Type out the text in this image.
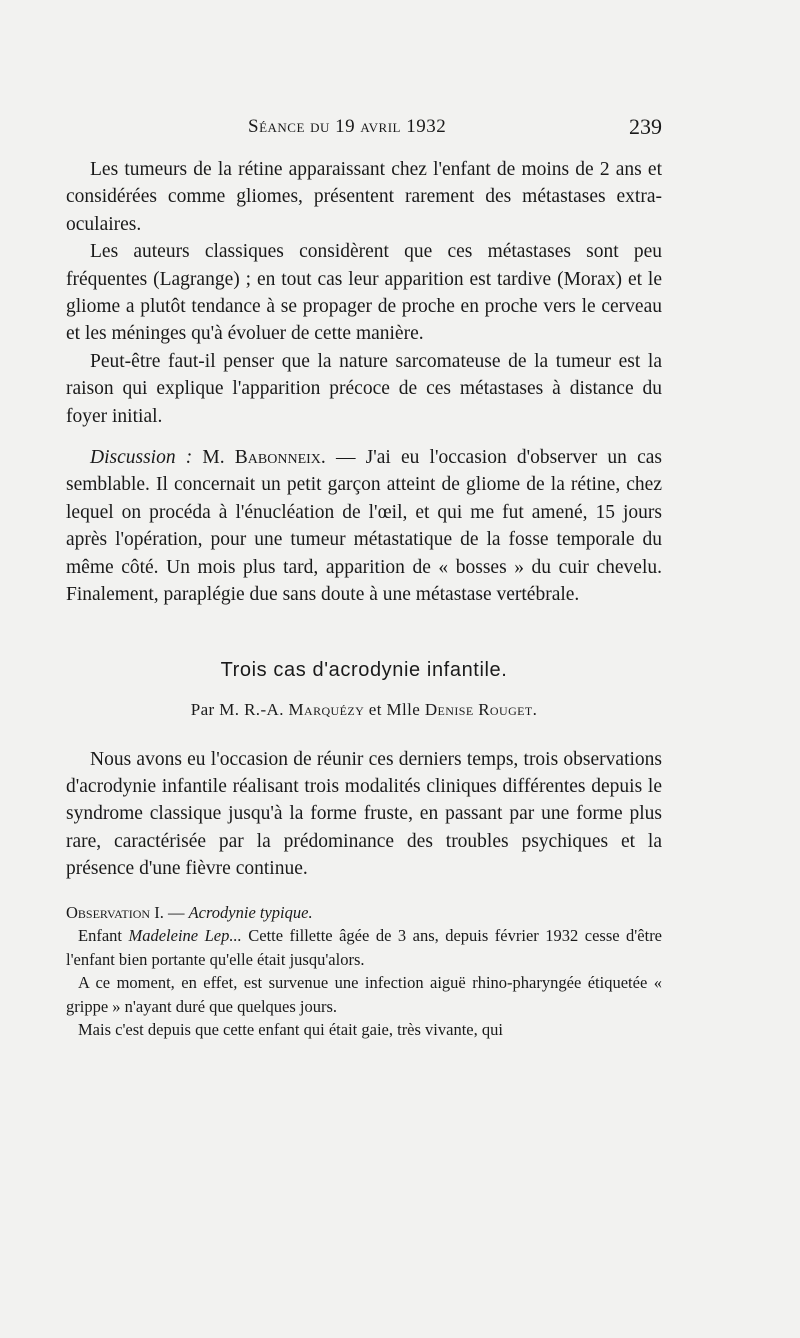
Séance du 19 avril 1932	239

Les tumeurs de la rétine apparaissant chez l'enfant de moins de 2 ans et considérées comme gliomes, présentent rarement des métastases extra-oculaires.

Les auteurs classiques considèrent que ces métastases sont peu fréquentes (Lagrange) ; en tout cas leur apparition est tardive (Morax) et le gliome a plutôt tendance à se propager de proche en proche vers le cerveau et les méninges qu'à évoluer de cette manière.

Peut-être faut-il penser que la nature sarcomateuse de la tumeur est la raison qui explique l'apparition précoce de ces métastases à distance du foyer initial.

Discussion : M. Babonneix. — J'ai eu l'occasion d'observer un cas semblable. Il concernait un petit garçon atteint de gliome de la rétine, chez lequel on procéda à l'énucléation de l'œil, et qui me fut amené, 15 jours après l'opération, pour une tumeur métastatique de la fosse temporale du même côté. Un mois plus tard, apparition de « bosses » du cuir chevelu. Finalement, paraplégie due sans doute à une métastase vertébrale.

Trois cas d'acrodynie infantile.
Par M. R.-A. Marquézy et Mlle Denise Rouget.

Nous avons eu l'occasion de réunir ces derniers temps, trois observations d'acrodynie infantile réalisant trois modalités cliniques différentes depuis le syndrome classique jusqu'à la forme fruste, en passant par une forme plus rare, caractérisée par la prédominance des troubles psychiques et la présence d'une fièvre continue.

Observation I. — Acrodynie typique.

Enfant Madeleine Lep... Cette fillette âgée de 3 ans, depuis février 1932 cesse d'être l'enfant bien portante qu'elle était jusqu'alors.

A ce moment, en effet, est survenue une infection aiguë rhino-pharyngée étiquetée « grippe » n'ayant duré que quelques jours.

Mais c'est depuis que cette enfant qui était gaie, très vivante, qui
